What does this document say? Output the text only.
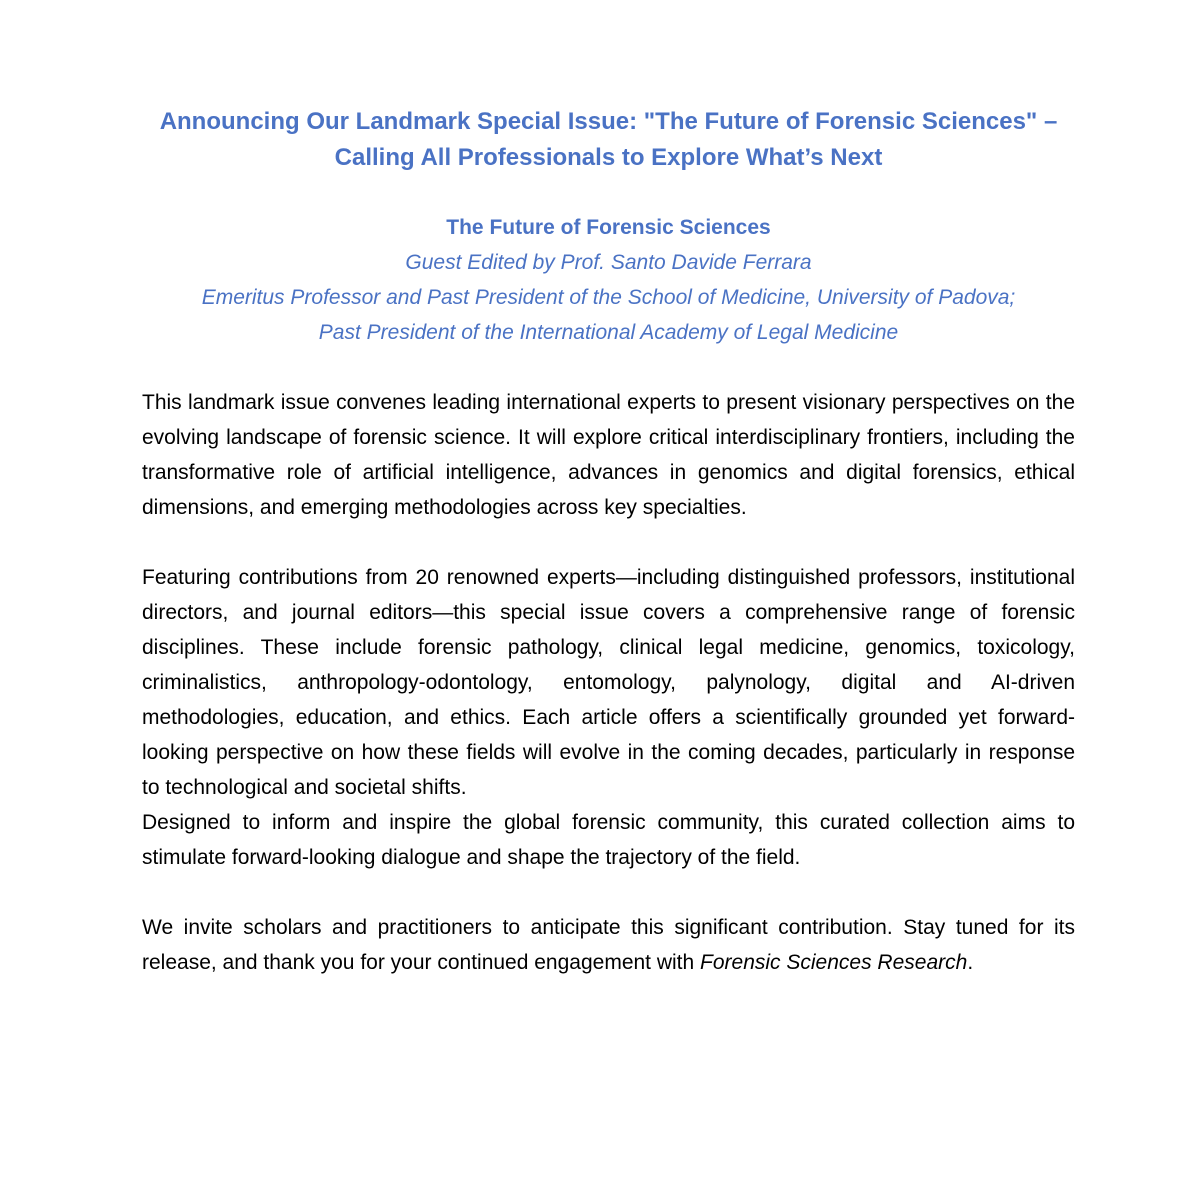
Announcing Our Landmark Special Issue: "The Future of Forensic Sciences" – Calling All Professionals to Explore What’s Next
The Future of Forensic Sciences
Guest Edited by Prof. Santo Davide Ferrara
Emeritus Professor and Past President of the School of Medicine, University of Padova;
Past President of the International Academy of Legal Medicine

This landmark issue convenes leading international experts to present visionary perspectives on the evolving landscape of forensic science. It will explore critical interdisciplinary frontiers, including the transformative role of artificial intelligence, advances in genomics and digital forensics, ethical dimensions, and emerging methodologies across key specialties.

Featuring contributions from 20 renowned experts—including distinguished professors, institutional directors, and journal editors—this special issue covers a comprehensive range of forensic disciplines. These include forensic pathology, clinical legal medicine, genomics, toxicology, criminalistics, anthropology-odontology, entomology, palynology, digital and AI-driven methodologies, education, and ethics. Each article offers a scientifically grounded yet forward-looking perspective on how these fields will evolve in the coming decades, particularly in response to technological and societal shifts.

Designed to inform and inspire the global forensic community, this curated collection aims to stimulate forward-looking dialogue and shape the trajectory of the field.

We invite scholars and practitioners to anticipate this significant contribution. Stay tuned for its release, and thank you for your continued engagement with Forensic Sciences Research.
